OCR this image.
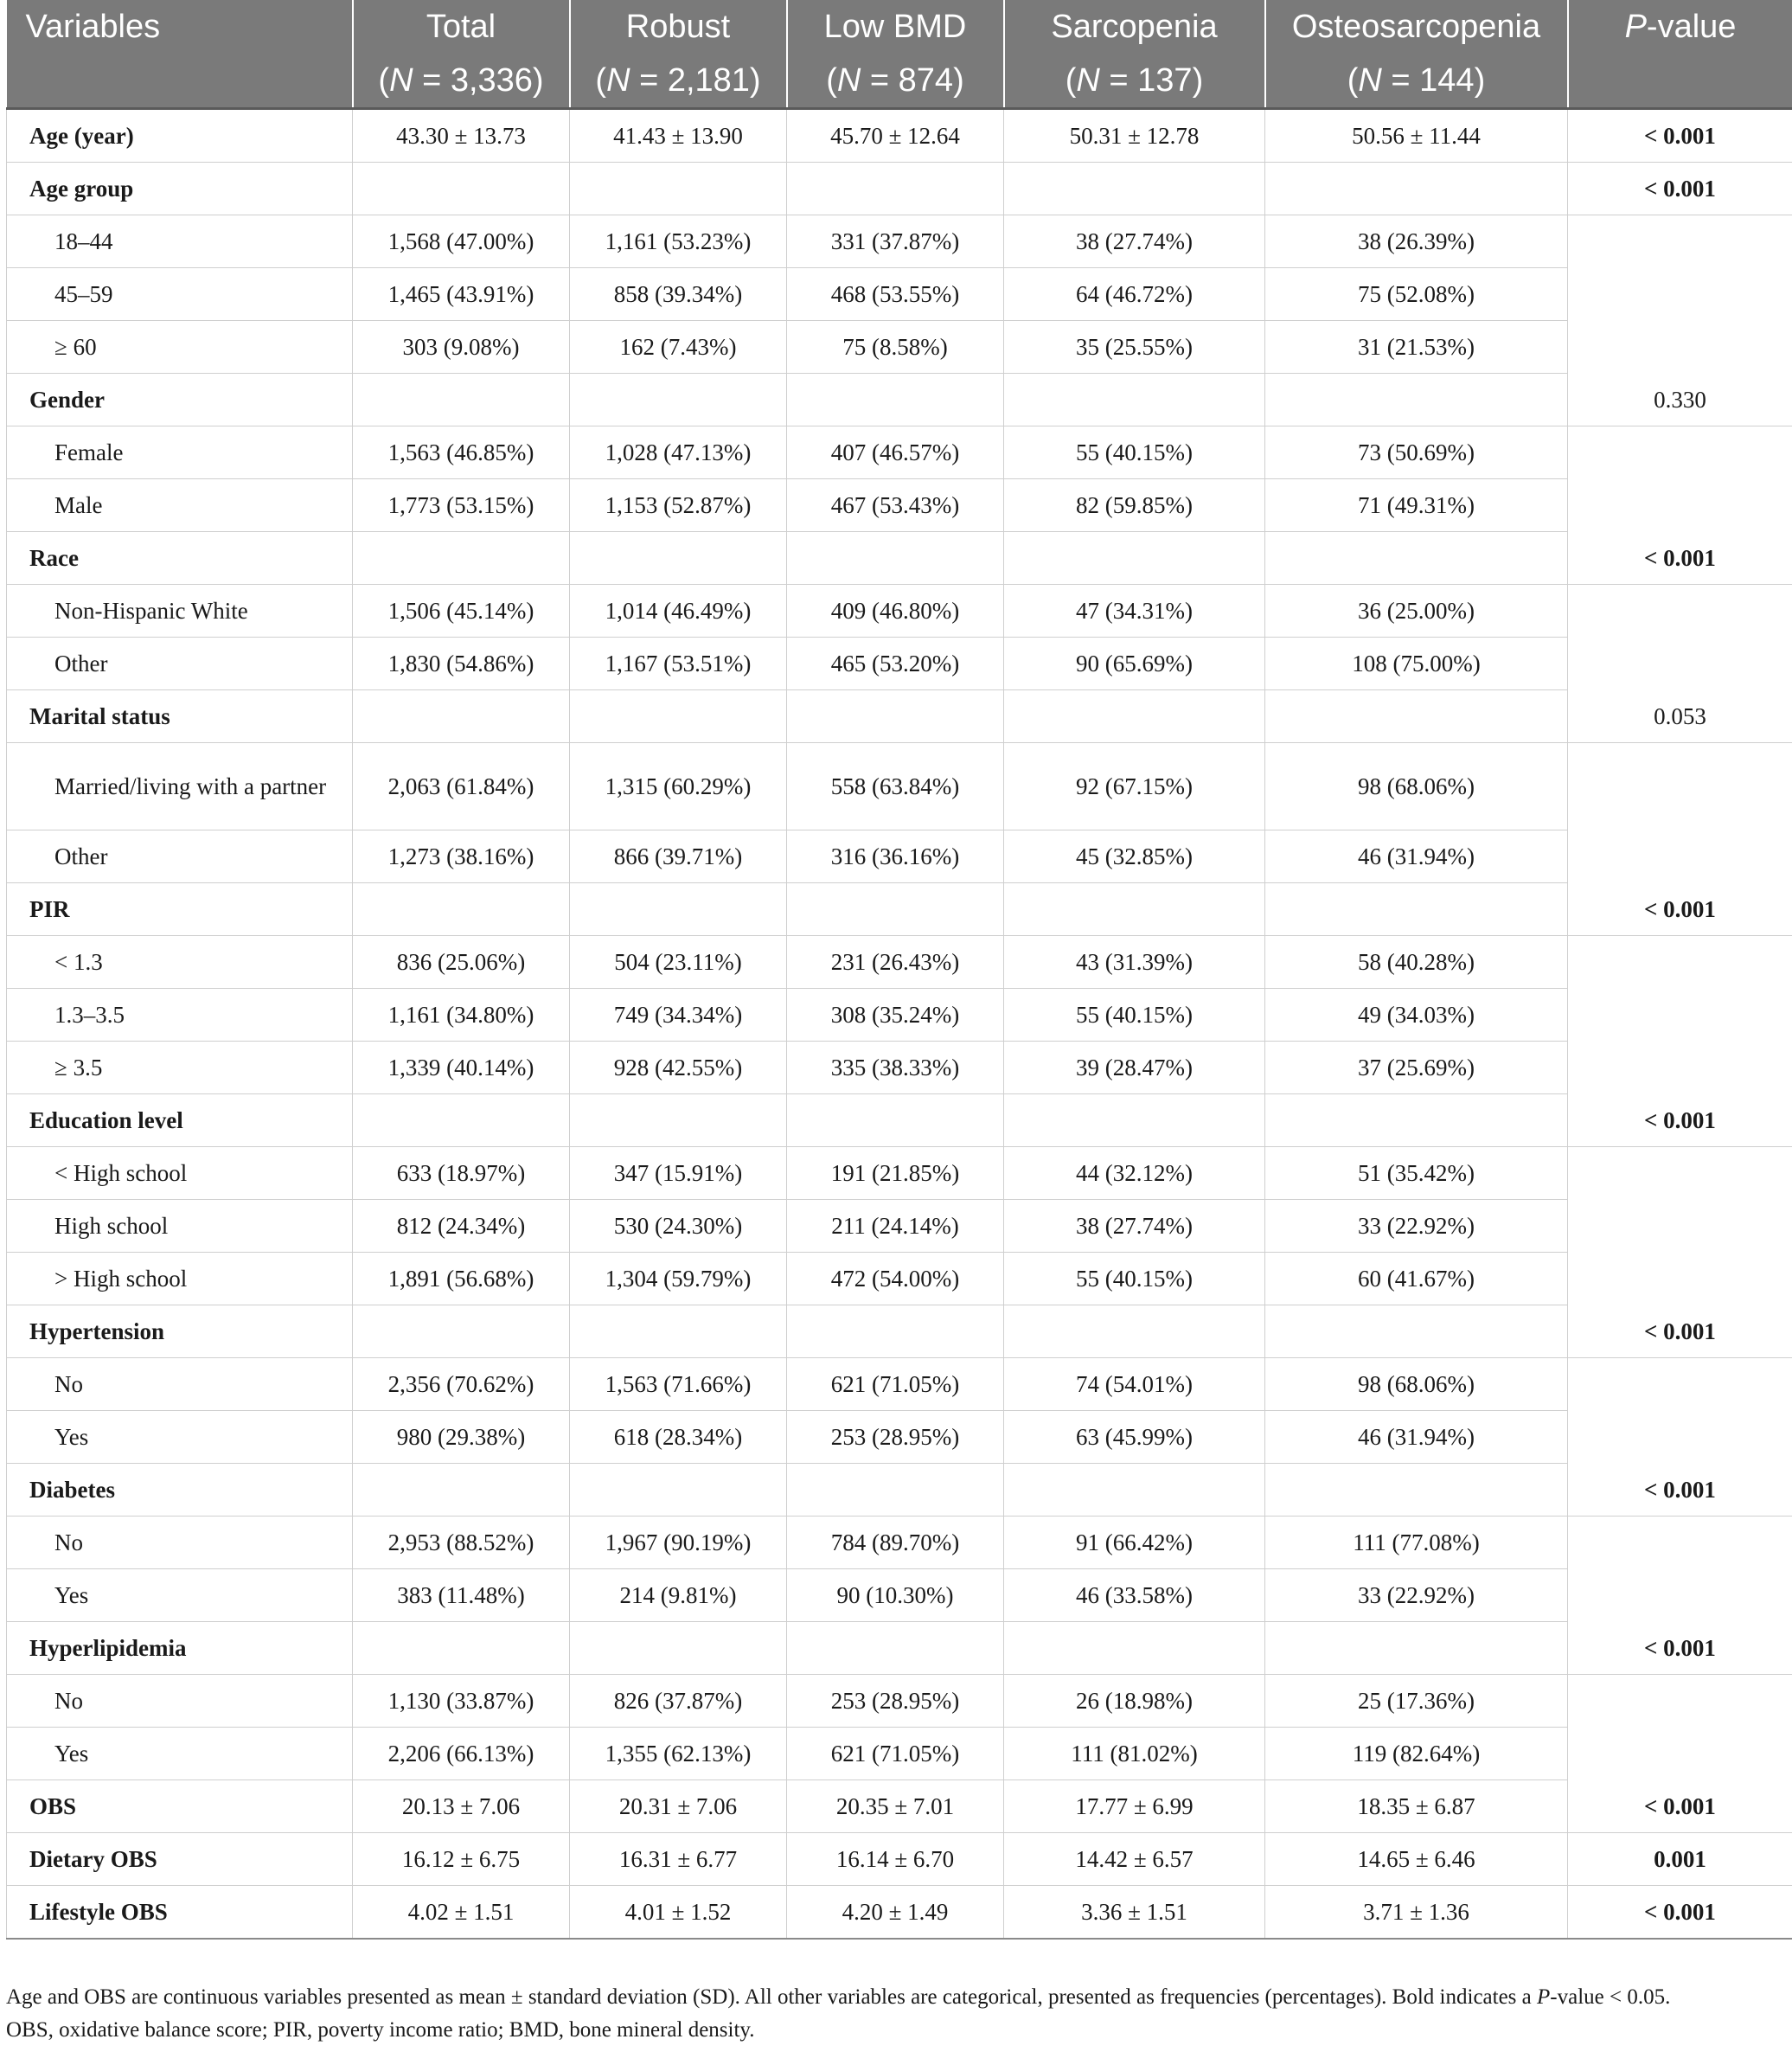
Variables	Total	Robust	Low BMD	Sarcopenia	Osteosarcopenia	P-value
	(N = 3,336)	(N = 2,181)	(N = 874)	(N = 137)	(N = 144)	
Age (year)	43.30 ± 13.73	41.43 ± 13.90	45.70 ± 12.64	50.31 ± 12.78	50.56 ± 11.44	< 0.001
Age group						< 0.001
18–44	1,568 (47.00%)	1,161 (53.23%)	331 (37.87%)	38 (27.74%)	38 (26.39%)	
45–59	1,465 (43.91%)	858 (39.34%)	468 (53.55%)	64 (46.72%)	75 (52.08%)	
≥ 60	303 (9.08%)	162 (7.43%)	75 (8.58%)	35 (25.55%)	31 (21.53%)	
Gender						0.330
Female	1,563 (46.85%)	1,028 (47.13%)	407 (46.57%)	55 (40.15%)	73 (50.69%)	
Male	1,773 (53.15%)	1,153 (52.87%)	467 (53.43%)	82 (59.85%)	71 (49.31%)	
Race						< 0.001
Non-Hispanic White	1,506 (45.14%)	1,014 (46.49%)	409 (46.80%)	47 (34.31%)	36 (25.00%)	
Other	1,830 (54.86%)	1,167 (53.51%)	465 (53.20%)	90 (65.69%)	108 (75.00%)	
Marital status						0.053
Married/living with a partner	2,063 (61.84%)	1,315 (60.29%)	558 (63.84%)	92 (67.15%)	98 (68.06%)	
Other	1,273 (38.16%)	866 (39.71%)	316 (36.16%)	45 (32.85%)	46 (31.94%)	
PIR						< 0.001
< 1.3	836 (25.06%)	504 (23.11%)	231 (26.43%)	43 (31.39%)	58 (40.28%)	
1.3–3.5	1,161 (34.80%)	749 (34.34%)	308 (35.24%)	55 (40.15%)	49 (34.03%)	
≥ 3.5	1,339 (40.14%)	928 (42.55%)	335 (38.33%)	39 (28.47%)	37 (25.69%)	
Education level						< 0.001
< High school	633 (18.97%)	347 (15.91%)	191 (21.85%)	44 (32.12%)	51 (35.42%)	
High school	812 (24.34%)	530 (24.30%)	211 (24.14%)	38 (27.74%)	33 (22.92%)	
> High school	1,891 (56.68%)	1,304 (59.79%)	472 (54.00%)	55 (40.15%)	60 (41.67%)	
Hypertension						< 0.001
No	2,356 (70.62%)	1,563 (71.66%)	621 (71.05%)	74 (54.01%)	98 (68.06%)	
Yes	980 (29.38%)	618 (28.34%)	253 (28.95%)	63 (45.99%)	46 (31.94%)	
Diabetes						< 0.001
No	2,953 (88.52%)	1,967 (90.19%)	784 (89.70%)	91 (66.42%)	111 (77.08%)	
Yes	383 (11.48%)	214 (9.81%)	90 (10.30%)	46 (33.58%)	33 (22.92%)	
Hyperlipidemia						< 0.001
No	1,130 (33.87%)	826 (37.87%)	253 (28.95%)	26 (18.98%)	25 (17.36%)	
Yes	2,206 (66.13%)	1,355 (62.13%)	621 (71.05%)	111 (81.02%)	119 (82.64%)	
OBS	20.13 ± 7.06	20.31 ± 7.06	20.35 ± 7.01	17.77 ± 6.99	18.35 ± 6.87	< 0.001
Dietary OBS	16.12 ± 6.75	16.31 ± 6.77	16.14 ± 6.70	14.42 ± 6.57	14.65 ± 6.46	0.001
Lifestyle OBS	4.02 ± 1.51	4.01 ± 1.52	4.20 ± 1.49	3.36 ± 1.51	3.71 ± 1.36	< 0.001

Age and OBS are continuous variables presented as mean ± standard deviation (SD). All other variables are categorical, presented as frequencies (percentages). Bold indicates a P-value < 0.05.

OBS, oxidative balance score; PIR, poverty income ratio; BMD, bone mineral density.
